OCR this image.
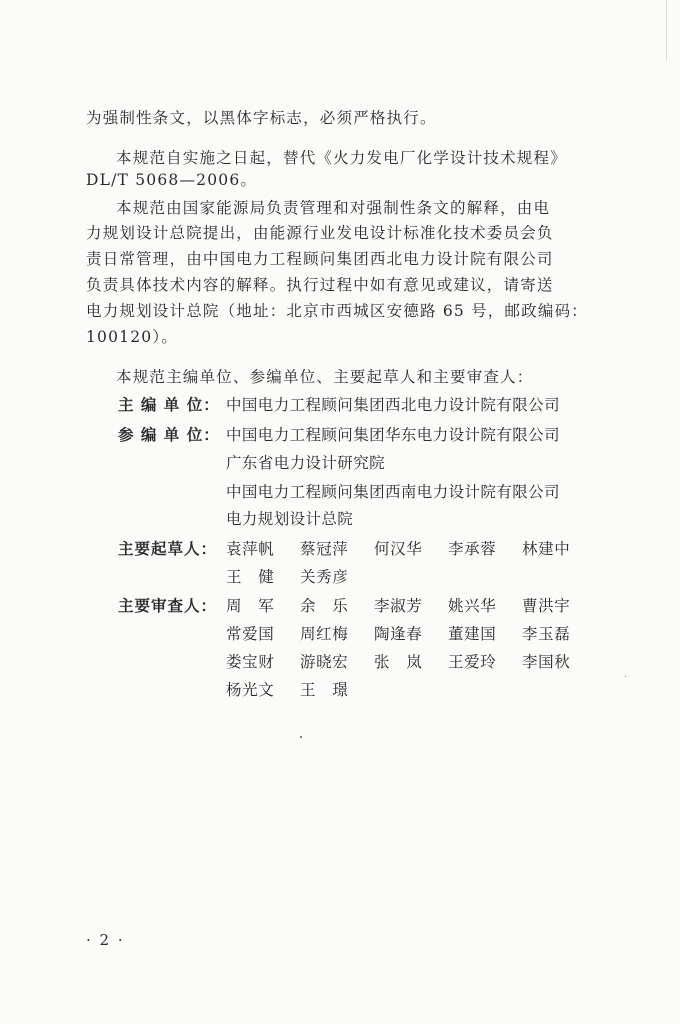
为强制性条文，以黑体字标志，必须严格执行。
本规范自实施之日起，替代《火力发电厂化学设计技术规程》
DL/T 5068—2006。
本规范由国家能源局负责管理和对强制性条文的解释，由电
力规划设计总院提出，由能源行业发电设计标准化技术委员会负
责日常管理，由中国电力工程顾问集团西北电力设计院有限公司
负责具体技术内容的解释。执行过程中如有意见或建议，请寄送
电力规划设计总院（地址：北京市西城区安德路 65 号，邮政编码：
100120）。
本规范主编单位、参编单位、主要起草人和主要审查人：
主 编 单 位： 中国电力工程顾问集团西北电力设计院有限公司
参 编 单 位： 中国电力工程顾问集团华东电力设计院有限公司
广东省电力设计研究院
中国电力工程顾问集团西南电力设计院有限公司
电力规划设计总院
主要起草人： 袁萍帆 蔡冠萍 何汉华 李承蓉 林建中
王　健 关秀彦
主要审查人： 周　军 余　乐 李淑芳 姚兴华 曹洪宇
常爱国 周红梅 陶逢春 董建国 李玉磊
娄宝财 游晓宏 张　岚 王爱玲 李国秋
杨光文 王　璟
· 2 ·
